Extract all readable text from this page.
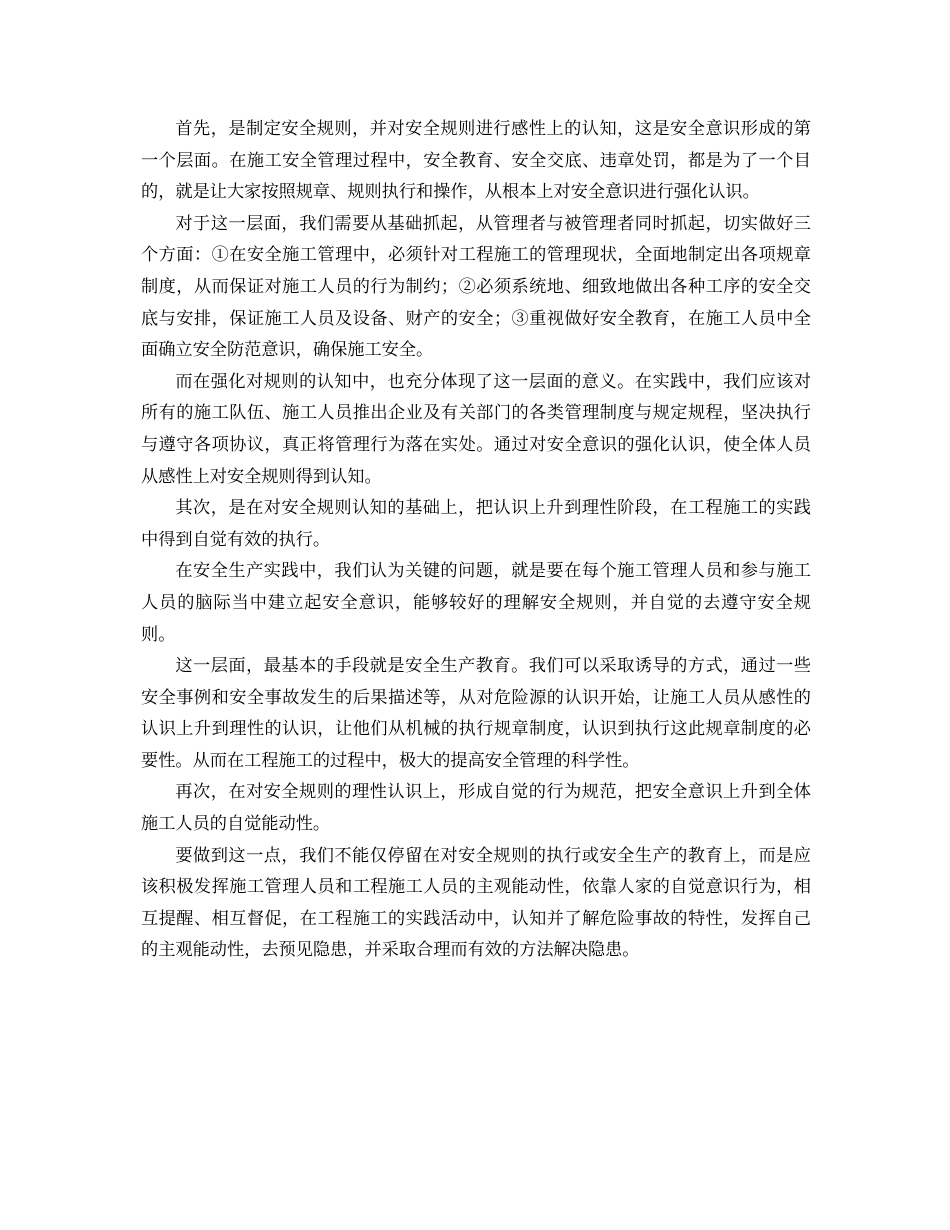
首先，是制定安全规则，并对安全规则进行感性上的认知，这是安全意识形成的第一个层面。在施工安全管理过程中，安全教育、安全交底、违章处罚，都是为了一个目的，就是让大家按照规章、规则执行和操作，从根本上对安全意识进行强化认识。

对于这一层面，我们需要从基础抓起，从管理者与被管理者同时抓起，切实做好三个方面：①在安全施工管理中，必须针对工程施工的管理现状，全面地制定出各项规章制度，从而保证对施工人员的行为制约；②必须系统地、细致地做出各种工序的安全交底与安排，保证施工人员及设备、财产的安全；③重视做好安全教育，在施工人员中全面确立安全防范意识，确保施工安全。

而在强化对规则的认知中，也充分体现了这一层面的意义。在实践中，我们应该对所有的施工队伍、施工人员推出企业及有关部门的各类管理制度与规定规程，坚决执行与遵守各项协议，真正将管理行为落在实处。通过对安全意识的强化认识，使全体人员从感性上对安全规则得到认知。

其次，是在对安全规则认知的基础上，把认识上升到理性阶段，在工程施工的实践中得到自觉有效的执行。

在安全生产实践中，我们认为关键的问题，就是要在每个施工管理人员和参与施工人员的脑际当中建立起安全意识，能够较好的理解安全规则，并自觉的去遵守安全规则。

这一层面，最基本的手段就是安全生产教育。我们可以采取诱导的方式，通过一些安全事例和安全事故发生的后果描述等，从对危险源的认识开始，让施工人员从感性的认识上升到理性的认识，让他们从机械的执行规章制度，认识到执行这此规章制度的必要性。从而在工程施工的过程中，极大的提高安全管理的科学性。

再次，在对安全规则的理性认识上，形成自觉的行为规范，把安全意识上升到全体施工人员的自觉能动性。

要做到这一点，我们不能仅停留在对安全规则的执行或安全生产的教育上，而是应该积极发挥施工管理人员和工程施工人员的主观能动性，依靠人家的自觉意识行为，相互提醒、相互督促，在工程施工的实践活动中，认知并了解危险事故的特性，发挥自己的主观能动性，去预见隐患，并采取合理而有效的方法解决隐患。
